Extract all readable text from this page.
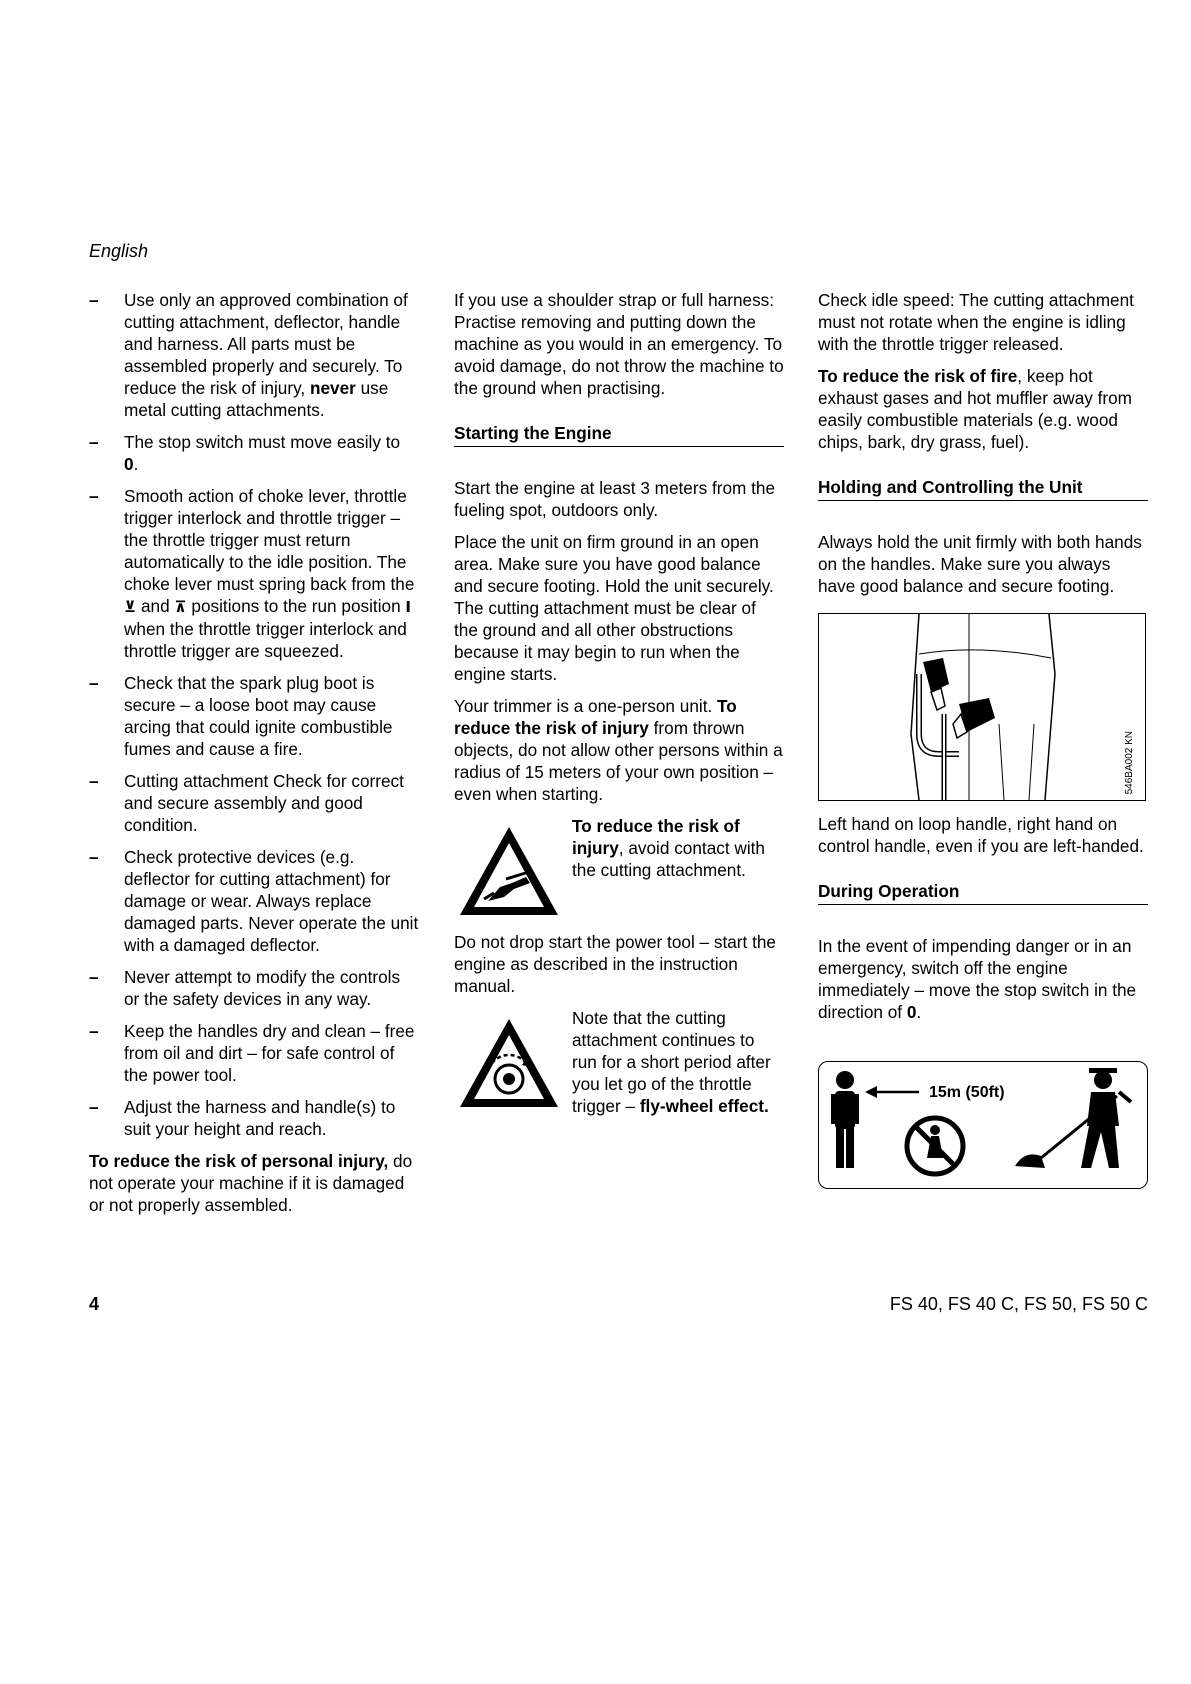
English
– Use only an approved combination of cutting attachment, deflector, handle and harness. All parts must be assembled properly and securely. To reduce the risk of injury, never use metal cutting attachments.
– The stop switch must move easily to 0.
– Smooth action of choke lever, throttle trigger interlock and throttle trigger – the throttle trigger must return automatically to the idle position. The choke lever must spring back from the ⊻ and ⊼ positions to the run position I when the throttle trigger interlock and throttle trigger are squeezed.
– Check that the spark plug boot is secure – a loose boot may cause arcing that could ignite combustible fumes and cause a fire.
– Cutting attachment Check for correct and secure assembly and good condition.
– Check protective devices (e.g. deflector for cutting attachment) for damage or wear. Always replace damaged parts. Never operate the unit with a damaged deflector.
– Never attempt to modify the controls or the safety devices in any way.
– Keep the handles dry and clean – free from oil and dirt – for safe control of the power tool.
– Adjust the harness and handle(s) to suit your height and reach.

To reduce the risk of personal injury, do not operate your machine if it is damaged or not properly assembled.

If you use a shoulder strap or full harness: Practise removing and putting down the machine as you would in an emergency. To avoid damage, do not throw the machine to the ground when practising.

Starting the Engine

Start the engine at least 3 meters from the fueling spot, outdoors only.

Place the unit on firm ground in an open area. Make sure you have good balance and secure footing. Hold the unit securely. The cutting attachment must be clear of the ground and all other obstructions because it may begin to run when the engine starts.

Your trimmer is a one-person unit. To reduce the risk of injury from thrown objects, do not allow other persons within a radius of 15 meters of your own position – even when starting.

To reduce the risk of injury, avoid contact with the cutting attachment.

Do not drop start the power tool – start the engine as described in the instruction manual.

Note that the cutting attachment continues to run for a short period after you let go of the throttle trigger – fly-wheel effect.

Check idle speed: The cutting attachment must not rotate when the engine is idling with the throttle trigger released.

To reduce the risk of fire, keep hot exhaust gases and hot muffler away from easily combustible materials (e.g. wood chips, bark, dry grass, fuel).

Holding and Controlling the Unit

Always hold the unit firmly with both hands on the handles. Make sure you always have good balance and secure footing.

546BA002 KN

Left hand on loop handle, right hand on control handle, even if you are left-handed.

During Operation

In the event of impending danger or in an emergency, switch off the engine immediately – move the stop switch in the direction of 0.

15m (50ft)
4	FS 40, FS 40 C, FS 50, FS 50 C
